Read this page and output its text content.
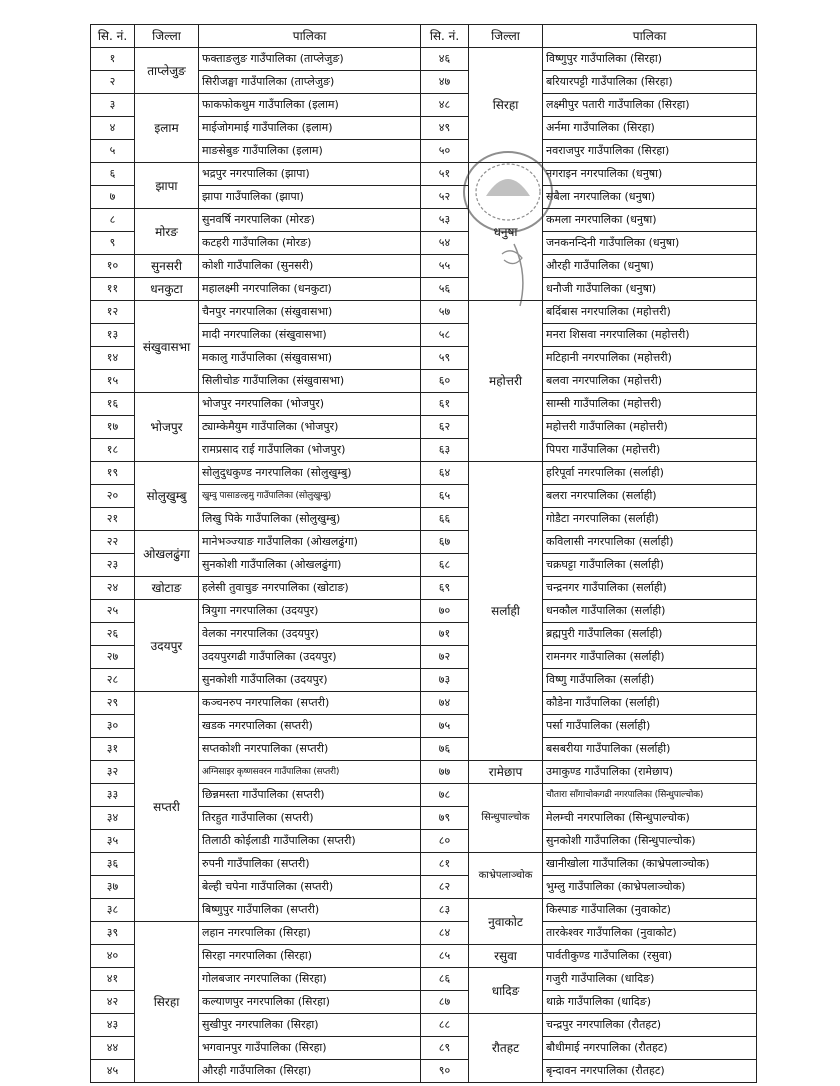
सि. नं.	जिल्ला	पालिका	सि. नं.	जिल्ला	पालिका
१	ताप्लेजुङ	फक्ताङलुङ गाउँपालिका (ताप्लेजुङ)	४६	सिरहा	विष्णुपुर गाउँपालिका (सिरहा)
२		सिरीजङ्घा गाउँपालिका (ताप्लेजुङ)	४७		बरियारपट्टी गाउँपालिका (सिरहा)
३	इलाम	फाकफोकथुम गाउँपालिका (इलाम)	४८		लक्ष्मीपुर पतारी गाउँपालिका (सिरहा)
४		माईजोगमाई गाउँपालिका (इलाम)	४९		अर्नमा गाउँपालिका (सिरहा)
५		माङसेबुङ गाउँपालिका (इलाम)	५०		नवराजपुर गाउँपालिका (सिरहा)
६	झापा	भद्रपुर नगरपालिका (झापा)	५१	धनुषा	नगराइन नगरपालिका (धनुषा)
७		झापा गाउँपालिका (झापा)	५२		सबैला नगरपालिका (धनुषा)
८	मोरङ	सुनवर्षि नगरपालिका (मोरङ)	५३		कमला नगरपालिका (धनुषा)
९		कटहरी गाउँपालिका (मोरङ)	५४		जनकनन्दिनी गाउँपालिका (धनुषा)
१०	सुनसरी	कोशी गाउँपालिका (सुनसरी)	५५		औरही गाउँपालिका (धनुषा)
११	धनकुटा	महालक्ष्मी नगरपालिका (धनकुटा)	५६		धनौजी गाउँपालिका (धनुषा)
१२	संखुवासभा	चैनपुर नगरपालिका (संखुवासभा)	५७	महोत्तरी	बर्दिबास नगरपालिका (महोत्तरी)
१३		मादी नगरपालिका (संखुवासभा)	५८		मनरा शिसवा नगरपालिका (महोत्तरी)
१४		मकालु गाउँपालिका (संखुवासभा)	५९		मटिहानी नगरपालिका (महोत्तरी)
१५		सिलीचोङ गाउँपालिका (संखुवासभा)	६०		बलवा नगरपालिका (महोत्तरी)
१६	भोजपुर	भोजपुर नगरपालिका (भोजपुर)	६१		साम्सी गाउँपालिका (महोत्तरी)
१७		ट्याम्केमैयुम गाउँपालिका (भोजपुर)	६२		महोत्तरी गाउँपालिका (महोत्तरी)
१८		रामप्रसाद राई गाउँपालिका (भोजपुर)	६३		पिपरा गाउँपालिका (महोत्तरी)
१९	सोलुखुम्बु	सोलुदुधकुण्ड नगरपालिका (सोलुखुम्बु)	६४	सर्लाही	हरिपूर्वा नगरपालिका (सर्लाही)
२०		खुम्वु पासाङल्हमु गाउँपालिका (सोलुखुम्बु)	६५		बलरा नगरपालिका (सर्लाही)
२१		लिखु पिके गाउँपालिका (सोलुखुम्बु)	६६		गोडैटा नगरपालिका (सर्लाही)
२२	ओखलढुंगा	मानेभञ्ज्याङ गाउँपालिका (ओखलढुंगा)	६७		कविलासी नगरपालिका (सर्लाही)
२३		सुनकोशी गाउँपालिका (ओखलढुंगा)	६८		चक्रघट्टा गाउँपालिका (सर्लाही)
२४	खोटाङ	हलेसी तुवाचुङ नगरपालिका (खोटाङ)	६९		चन्द्रनगर गाउँपालिका (सर्लाही)
२५	उदयपुर	त्रियुगा नगरपालिका (उदयपुर)	७०		धनकौल गाउँपालिका (सर्लाही)
२६		वेलका नगरपालिका (उदयपुर)	७१		ब्रह्मपुरी गाउँपालिका (सर्लाही)
२७		उदयपुरगढी गाउँपालिका (उदयपुर)	७२		रामनगर गाउँपालिका (सर्लाही)
२८		सुनकोशी गाउँपालिका (उदयपुर)	७३		विष्णु गाउँपालिका (सर्लाही)
२९	सप्तरी	कञ्चनरुप नगरपालिका (सप्तरी)	७४		कौडेना गाउँपालिका (सर्लाही)
३०		खडक नगरपालिका (सप्तरी)	७५		पर्सा गाउँपालिका (सर्लाही)
३१		सप्तकोशी नगरपालिका (सप्तरी)	७६		बसबरीया गाउँपालिका (सर्लाही)
३२		अग्निसाइर कृष्णसवरन गाउँपालिका (सप्तरी)	७७	रामेछाप	उमाकुण्ड गाउँपालिका (रामेछाप)
३३		छिन्नमस्ता गाउँपालिका (सप्तरी)	७८	सिन्धुपाल्चोक	चौतारा साँगाचोकगढी नगरपालिका (सिन्धुपाल्चोक)
३४		तिरहुत गाउँपालिका (सप्तरी)	७९		मेलम्ची नगरपालिका (सिन्धुपाल्चोक)
३५		तिलाठी कोईलाडी गाउँपालिका (सप्तरी)	८०		सुनकोशी गाउँपालिका (सिन्धुपाल्चोक)
३६		रुपनी गाउँपालिका (सप्तरी)	८१	काभ्रेपलाञ्चोक	खानीखोला गाउँपालिका (काभ्रेपलाञ्चोक)
३७		बेल्ही चपेना गाउँपालिका (सप्तरी)	८२		भुम्लु गाउँपालिका (काभ्रेपलाञ्चोक)
३८		बिष्णुपुर गाउँपालिका (सप्तरी)	८३	नुवाकोट	किस्पाङ गाउँपालिका (नुवाकोट)
३९	सिरहा	लहान नगरपालिका (सिरहा)	८४		तारकेश्वर गाउँपालिका (नुवाकोट)
४०		सिरहा नगरपालिका (सिरहा)	८५	रसुवा	पार्वतीकुण्ड गाउँपालिका (रसुवा)
४१		गोलबजार नगरपालिका (सिरहा)	८६	धादिङ	गजुरी गाउँपालिका (धादिङ)
४२		कल्याणपुर नगरपालिका (सिरहा)	८७		थाक्रे गाउँपालिका (धादिङ)
४३		सुखीपुर नगरपालिका (सिरहा)	८८	रौतहट	चन्द्रपुर नगरपालिका (रौतहट)
४४		भगवानपुर गाउँपालिका (सिरहा)	८९		बौधीमाई नगरपालिका (रौतहट)
४५		औरही गाउँपालिका (सिरहा)	९०		बृन्दावन नगरपालिका (रौतहट)
